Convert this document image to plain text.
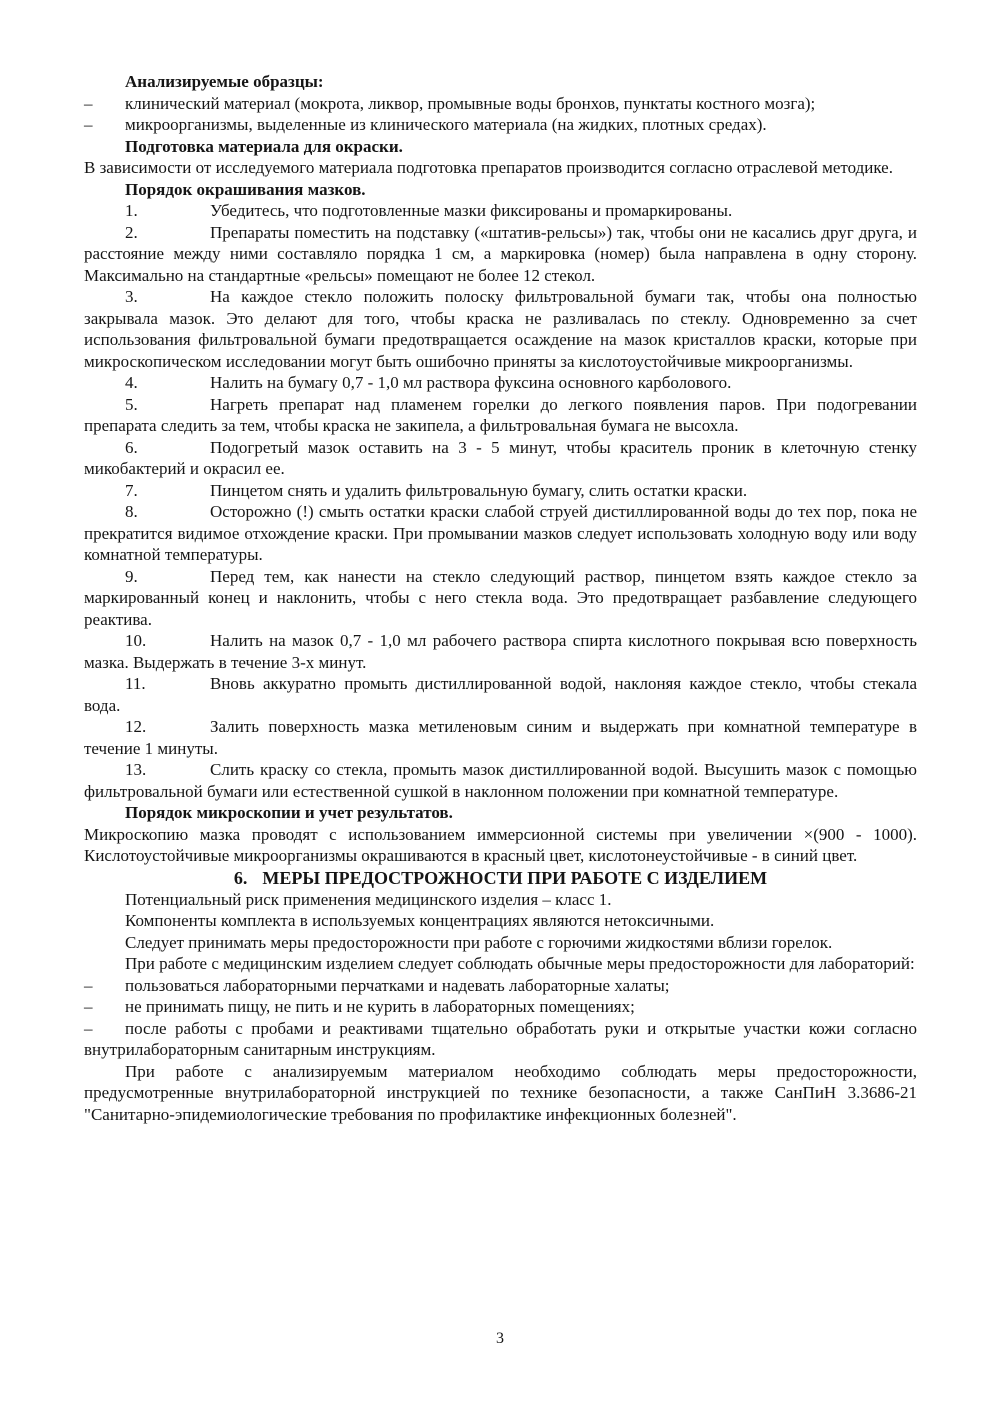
Анализируемые образцы:

– клинический материал (мокрота, ликвор, промывные воды бронхов, пунктаты костного мозга);

– микроорганизмы, выделенные из клинического материала (на жидких, плотных средах).

Подготовка материала для окраски.

В зависимости от исследуемого материала подготовка препаратов производится согласно отраслевой методике.

Порядок окрашивания мазков.

1.	Убедитесь, что подготовленные мазки фиксированы и промаркированы.

2.	Препараты поместить на подставку («штатив-рельсы») так, чтобы они не касались друг друга, и расстояние между ними составляло порядка 1 см, а маркировка (номер) была направлена в одну сторону. Максимально на стандартные «рельсы» помещают не более 12 стекол.

3.	На каждое стекло положить полоску фильтровальной бумаги так, чтобы она полностью закрывала мазок. Это делают для того, чтобы краска не разливалась по стеклу. Одновременно за счет использования фильтровальной бумаги предотвращается осаждение на мазок кристаллов краски, которые при микроскопическом исследовании могут быть ошибочно приняты за кислотоустойчивые микроорганизмы.

4.	Налить на бумагу 0,7 - 1,0 мл раствора фуксина основного карболового.

5.	Нагреть препарат над пламенем горелки до легкого появления паров. При подогревании препарата следить за тем, чтобы краска не закипела, а фильтровальная бумага не высохла.

6.	Подогретый мазок оставить на 3 - 5 минут, чтобы краситель проник в клеточную стенку микобактерий и окрасил ее.

7.	Пинцетом снять и удалить фильтровальную бумагу, слить остатки краски.

8.	Осторожно (!) смыть остатки краски слабой струей дистиллированной воды до тех пор, пока не прекратится видимое отхождение краски. При промывании мазков следует использовать холодную воду или воду комнатной температуры.

9.	Перед тем, как нанести на стекло следующий раствор, пинцетом взять каждое стекло за маркированный конец и наклонить, чтобы с него стекла вода. Это предотвращает разбавление следующего реактива.

10.	Налить на мазок 0,7 - 1,0 мл рабочего раствора спирта кислотного покрывая всю поверхность мазка. Выдержать в течение 3-х минут.

11.	Вновь аккуратно промыть дистиллированной водой, наклоняя каждое стекло, чтобы стекала вода.

12.	Залить поверхность мазка метиленовым синим и выдержать при комнатной температуре в течение 1 минуты.

13.	Слить краску со стекла, промыть мазок дистиллированной водой. Высушить мазок с помощью фильтровальной бумаги или естественной сушкой в наклонном положении при комнатной температуре.

Порядок микроскопии и учет результатов.

Микроскопию мазка проводят с использованием иммерсионной системы при увеличении ×(900 - 1000). Кислотоустойчивые микроорганизмы окрашиваются в красный цвет, кислотонеустойчивые - в синий цвет.

6. МЕРЫ ПРЕДОСТРОЖНОСТИ ПРИ РАБОТЕ С ИЗДЕЛИЕМ

Потенциальный риск применения медицинского изделия – класс 1.

Компоненты комплекта в используемых концентрациях являются нетоксичными.

Следует принимать меры предосторожности при работе с горючими жидкостями вблизи горелок.

При работе с медицинским изделием следует соблюдать обычные меры предосторожности для лабораторий:

– пользоваться лабораторными перчатками и надевать лабораторные халаты;

– не принимать пищу, не пить и не курить в лабораторных помещениях;

– после работы с пробами и реактивами тщательно обработать руки и открытые участки кожи согласно внутрилабораторным санитарным инструкциям.

При работе с анализируемым материалом необходимо соблюдать меры предосторожности, предусмотренные внутрилабораторной инструкцией по технике безопасности, а также СанПиН 3.3686-21 "Санитарно-эпидемиологические требования по профилактике инфекционных болезней".

3
